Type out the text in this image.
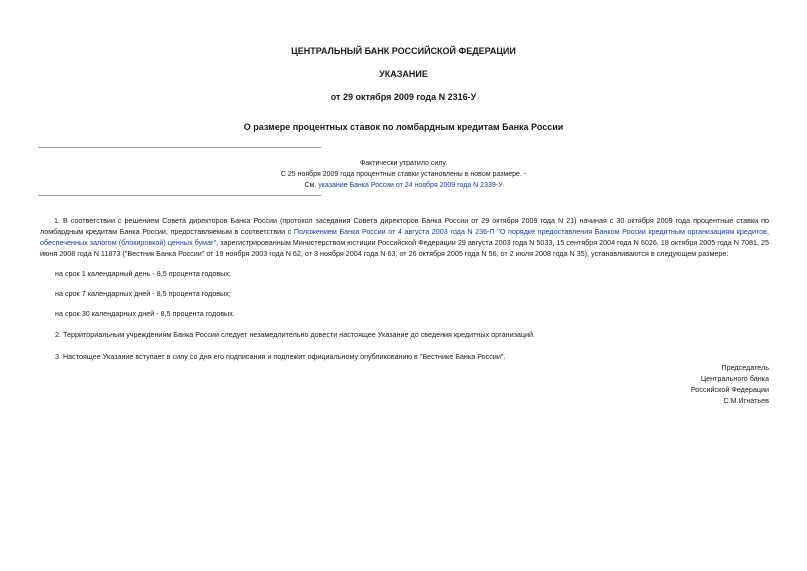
ЦЕНТРАЛЬНЫЙ БАНК РОССИЙСКОЙ ФЕДЕРАЦИИ
УКАЗАНИЕ
от 29 октября 2009 года N 2316-У
О размере процентных ставок по ломбардным кредитам Банка России
Фактически утратило силу.
С 25 ноября 2009 года процентные ставки установлены в новом размере. -
См. указание Банка России от 24 ноября 2009 года N 2339-У
1. В соответствии с решением Совета директоров Банка России (протокол заседания Совета директоров Банка России от 29 октября 2009 года N 21) начиная с 30 октября 2009 года процентные ставки по ломбардным кредитам Банка России, предоставляемым в соответствии с Положением Банка России от 4 августа 2003 года N 236-П "О порядке предоставления Банком России кредитным организациям кредитов, обеспеченных залогом (блокировкой) ценных бумаг", зарегистрированным Министерством юстиции Российской Федерации 29 августа 2003 года N 5033, 15 сентября 2004 года N 6026, 18 октября 2005 года N 7081, 25 июня 2008 года N 11873 ("Вестник Банка России" от 19 ноября 2003 года N 62, от 3 ноября 2004 года N 63, от 26 октября 2005 года N 56, от 2 июля 2008 года N 35), устанавливаются в следующем размере:
на срок 1 календарный день - 8,5 процента годовых;
на срок 7 календарных дней - 8,5 процента годовых;
на срок 30 календарных дней - 8,5 процента годовых.
2. Территориальным учреждениям Банка России следует незамедлительно довести настоящее Указание до сведения кредитных организаций.
3. Настоящее Указание вступает в силу со дня его подписания и подлежит официальному опубликованию в "Вестнике Банка России".
Председатель
Центрального банка
Российской Федерации
С.М.Игнатьев
